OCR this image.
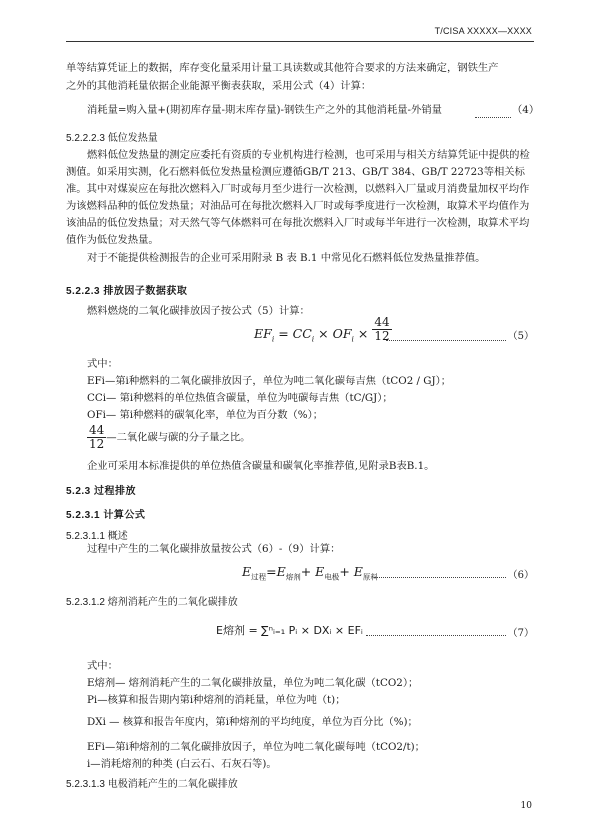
T/CISA XXXXX—XXXX
单等结算凭证上的数据，库存变化量采用计量工具读数或其他符合要求的方法来确定，钢铁生产
之外的其他消耗量依据企业能源平衡表获取，采用公式（4）计算：
消耗量=购入量+(期初库存量-期末库存量)-钢铁生产之外的其他消耗量-外销量	（4）
5.2.2.2.3 低位发热量
燃料低位发热量的测定应委托有资质的专业机构进行检测，也可采用与相关方结算凭证中提供的检测值。如采用实测，化石燃料低位发热量检测应遵循GB/T 213、GB/T 384、GB/T 22723等相关标准。其中对煤炭应在每批次燃料入厂时或每月至少进行一次检测，以燃料入厂量或月消费量加权平均作为该燃料品种的低位发热量；对油品可在每批次燃料入厂时或每季度进行一次检测，取算术平均值作为该油品的低位发热量；对天然气等气体燃料可在每批次燃料入厂时或每半年进行一次检测，取算术平均值作为低位发热量。
对于不能提供检测报告的企业可采用附录 B 表 B.1 中常见化石燃料低位发热量推荐值。
5.2.2.3 排放因子数据获取
燃料燃烧的二氧化碳排放因子按公式（5）计算：
$EF_i = CC_i \times OF_i \times \frac{44}{12}$	（5）
式中：
EFi—第i种燃料的二氧化碳排放因子，单位为吨二氧化碳每吉焦（tCO2 / GJ）；
CCi— 第i种燃料的单位热值含碳量，单位为吨碳每吉焦（tC/GJ）；
OFi— 第i种燃料的碳氧化率，单位为百分数（%）；
$\frac{44}{12}$ —二氧化碳与碳的分子量之比。
企业可采用本标准提供的单位热值含碳量和碳氧化率推荐值,见附录B表B.1。
5.2.3 过程排放
5.2.3.1 计算公式
5.2.3.1.1 概述
过程中产生的二氧化碳排放量按公式（6）-（9）计算：
$E_{过程}=E_{熔剂}+ E_{电极}+ E_{原料}$	（6）
5.2.3.1.2 熔剂消耗产生的二氧化碳排放
E熔剂 = ∑ⁿᵢ₌₁ Pᵢ × DXᵢ × EFᵢ	（7）
式中：
E熔剂— 熔剂消耗产生的二氧化碳排放量，单位为吨二氧化碳（tCO2）；
Pi—核算和报告期内第i种熔剂的消耗量，单位为吨（t)；
DXi — 核算和报告年度内，第i种熔剂的平均纯度，单位为百分比（%)；
EFi—第i种熔剂的二氧化碳排放因子，单位为吨二氧化碳每吨（tCO2/t)；
i—消耗熔剂的种类 (白云石、石灰石等)。
5.2.3.1.3 电极消耗产生的二氧化碳排放
10
